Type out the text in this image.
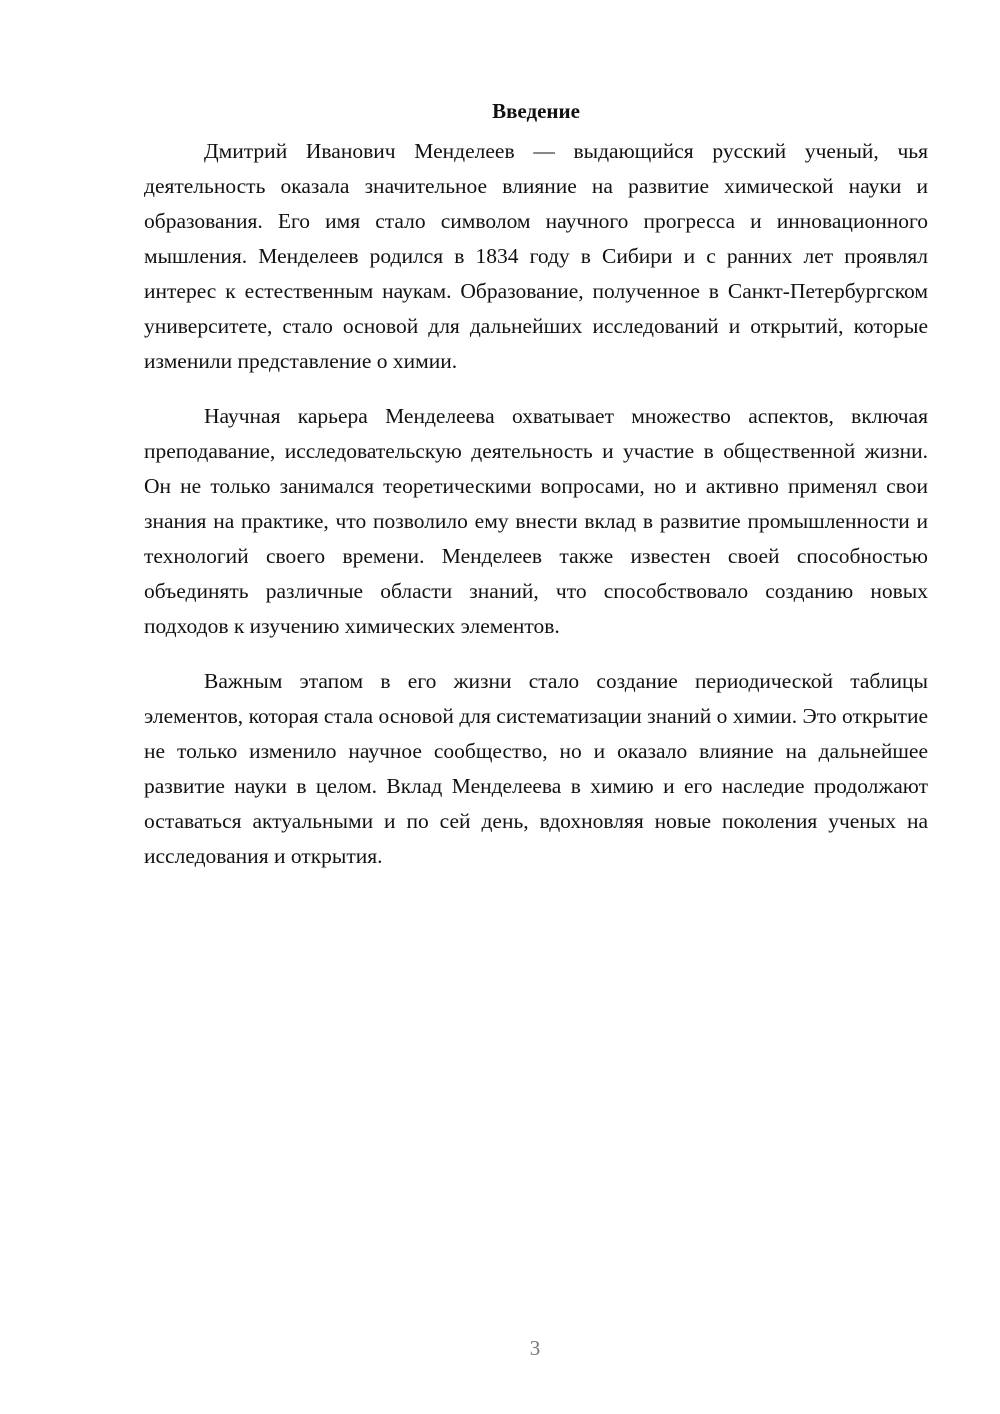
Введение

Дмитрий Иванович Менделеев — выдающийся русский ученый, чья деятельность оказала значительное влияние на развитие химической науки и образования. Его имя стало символом научного прогресса и инновационного мышления. Менделеев родился в 1834 году в Сибири и с ранних лет проявлял интерес к естественным наукам. Образование, полученное в Санкт-Петербургском университете, стало основой для дальнейших исследований и открытий, которые изменили представление о химии.

Научная карьера Менделеева охватывает множество аспектов, включая преподавание, исследовательскую деятельность и участие в общественной жизни. Он не только занимался теоретическими вопросами, но и активно применял свои знания на практике, что позволило ему внести вклад в развитие промышленности и технологий своего времени. Менделеев также известен своей способностью объединять различные области знаний, что способствовало созданию новых подходов к изучению химических элементов.

Важным этапом в его жизни стало создание периодической таблицы элементов, которая стала основой для систематизации знаний о химии. Это открытие не только изменило научное сообщество, но и оказало влияние на дальнейшее развитие науки в целом. Вклад Менделеева в химию и его наследие продолжают оставаться актуальными и по сей день, вдохновляя новые поколения ученых на исследования и открытия.

3
